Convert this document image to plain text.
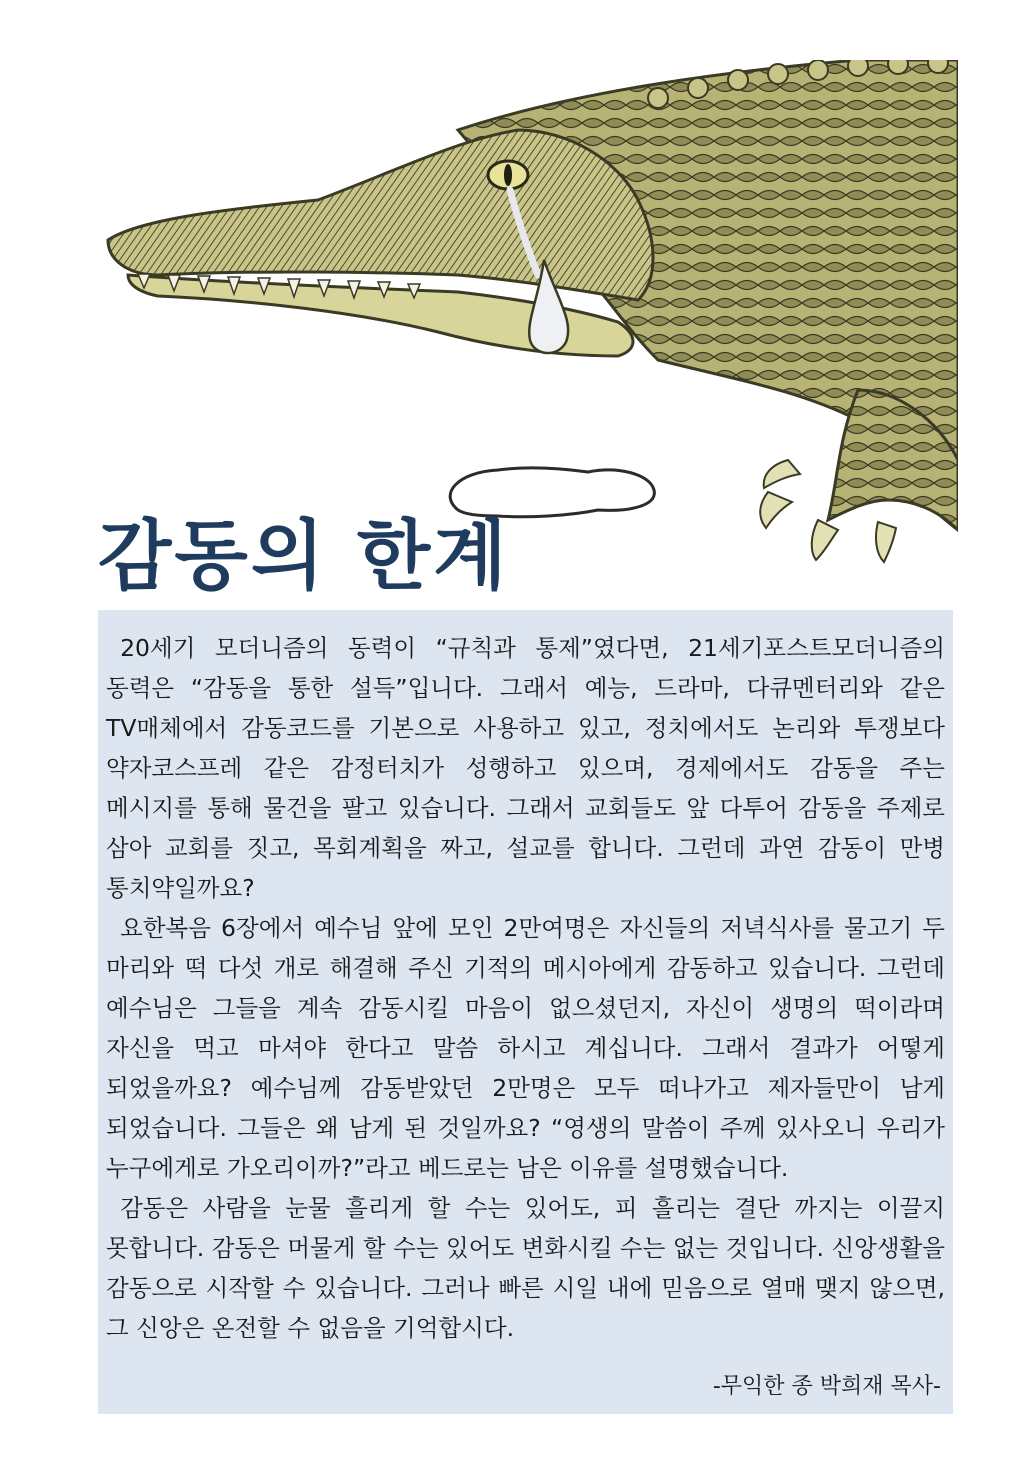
감동의 한계

20세기 모더니즘의 동력이 “규칙과 통제”였다면, 21세기포스트모더니즘의 동력은 “감동을 통한 설득”입니다. 그래서 예능, 드라마, 다큐멘터리와 같은 TV매체에서 감동코드를 기본으로 사용하고 있고, 정치에서도 논리와 투쟁보다 약자코스프레 같은 감정터치가 성행하고 있으며, 경제에서도 감동을 주는 메시지를 통해 물건을 팔고 있습니다. 그래서 교회들도 앞 다투어 감동을 주제로 삼아 교회를 짓고, 목회계획을 짜고, 설교를 합니다. 그런데 과연 감동이 만병 통치약일까요?

요한복음 6장에서 예수님 앞에 모인 2만여명은 자신들의 저녁식사를 물고기 두 마리와 떡 다섯 개로 해결해 주신 기적의 메시아에게 감동하고 있습니다. 그런데 예수님은 그들을 계속 감동시킬 마음이 없으셨던지, 자신이 생명의 떡이라며 자신을 먹고 마셔야 한다고 말씀 하시고 계십니다. 그래서 결과가 어떻게 되었을까요? 예수님께 감동받았던 2만명은 모두 떠나가고 제자들만이 남게 되었습니다. 그들은 왜 남게 된 것일까요? “영생의 말씀이 주께 있사오니 우리가 누구에게로 가오리이까?”라고 베드로는 남은 이유를 설명했습니다.

감동은 사람을 눈물 흘리게 할 수는 있어도, 피 흘리는 결단 까지는 이끌지 못합니다. 감동은 머물게 할 수는 있어도 변화시킬 수는 없는 것입니다. 신앙생활을 감동으로 시작할 수 있습니다. 그러나 빠른 시일 내에 믿음으로 열매 맺지 않으면, 그 신앙은 온전할 수 없음을 기억합시다.

-무익한 종 박희재 목사-
